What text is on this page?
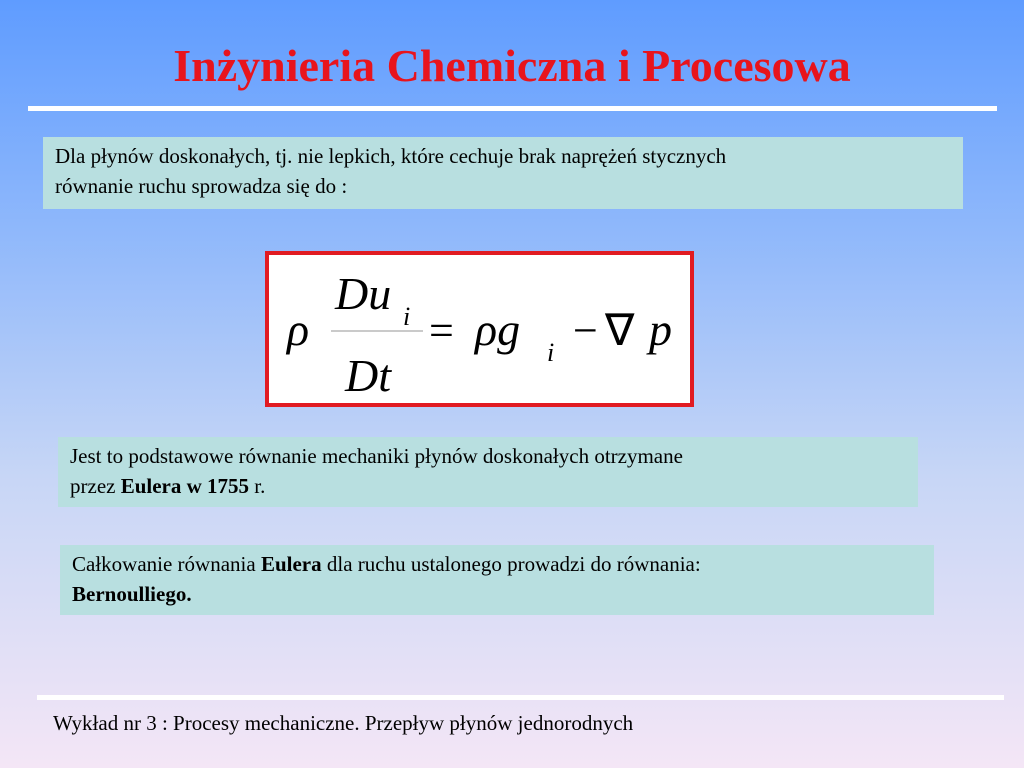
Inżynieria Chemiczna i Procesowa
Dla płynów doskonałych, tj. nie lepkich, które cechuje brak naprężeń stycznych
równanie ruchu sprowadza się do :
ρ
Du i
Dt
= ρg i − ∇ p
Jest to podstawowe równanie mechaniki płynów doskonałych otrzymane
przez Eulera w 1755 r.
Całkowanie równania Eulera dla ruchu ustalonego prowadzi do równania:
Bernoulliego.
Wykład nr 3 : Procesy mechaniczne. Przepływ płynów jednorodnych
